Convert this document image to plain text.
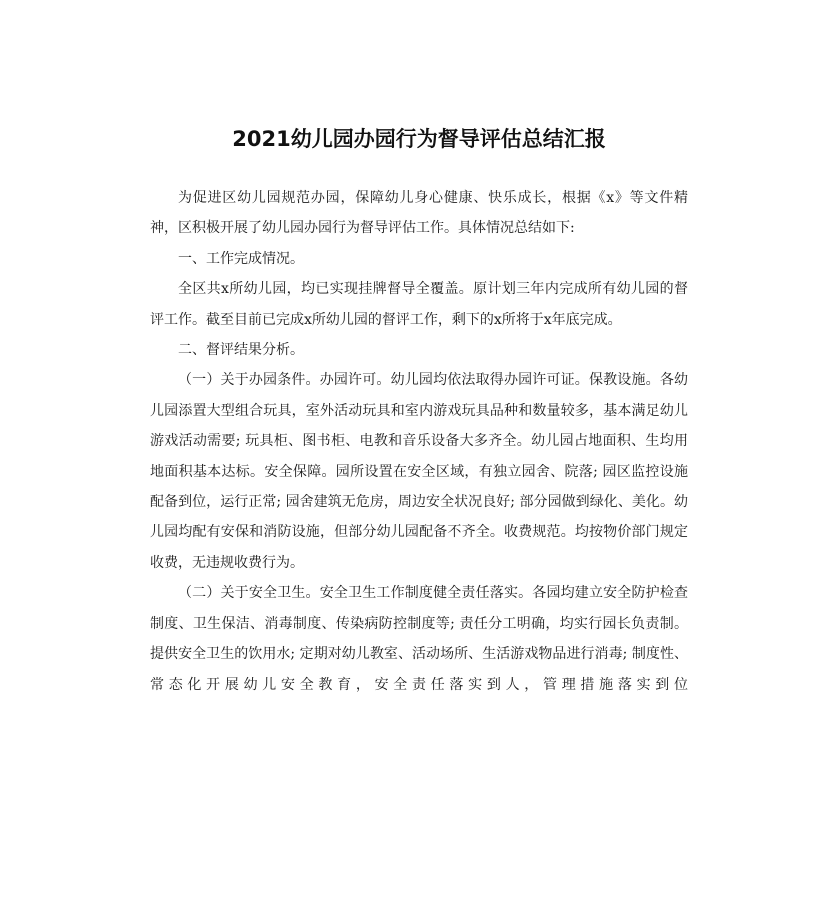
2021幼儿园办园行为督导评估总结汇报

为促进区幼儿园规范办园，保障幼儿身心健康、快乐成长，根据《x》等文件精神，区积极开展了幼儿园办园行为督导评估工作。具体情况总结如下:

一、工作完成情况。

全区共x所幼儿园，均已实现挂牌督导全覆盖。原计划三年内完成所有幼儿园的督评工作。截至目前已完成x所幼儿园的督评工作，剩下的x所将于x年底完成。

二、督评结果分析。

（一）关于办园条件。办园许可。幼儿园均依法取得办园许可证。保教设施。各幼儿园添置大型组合玩具，室外活动玩具和室内游戏玩具品种和数量较多，基本满足幼儿游戏活动需要; 玩具柜、图书柜、电教和音乐设备大多齐全。幼儿园占地面积、生均用地面积基本达标。安全保障。园所设置在安全区域，有独立园舍、院落; 园区监控设施配备到位，运行正常; 园舍建筑无危房，周边安全状况良好; 部分园做到绿化、美化。幼儿园均配有安保和消防设施，但部分幼儿园配备不齐全。收费规范。均按物价部门规定收费，无违规收费行为。

（二）关于安全卫生。安全卫生工作制度健全责任落实。各园均建立安全防护检查制度、卫生保洁、消毒制度、传染病防控制度等; 责任分工明确，均实行园长负责制。提供安全卫生的饮用水; 定期对幼儿教室、活动场所、生活游戏物品进行消毒; 制度性、常态化开展幼儿安全教育，安全责任落实到人，管理措施落实到位
